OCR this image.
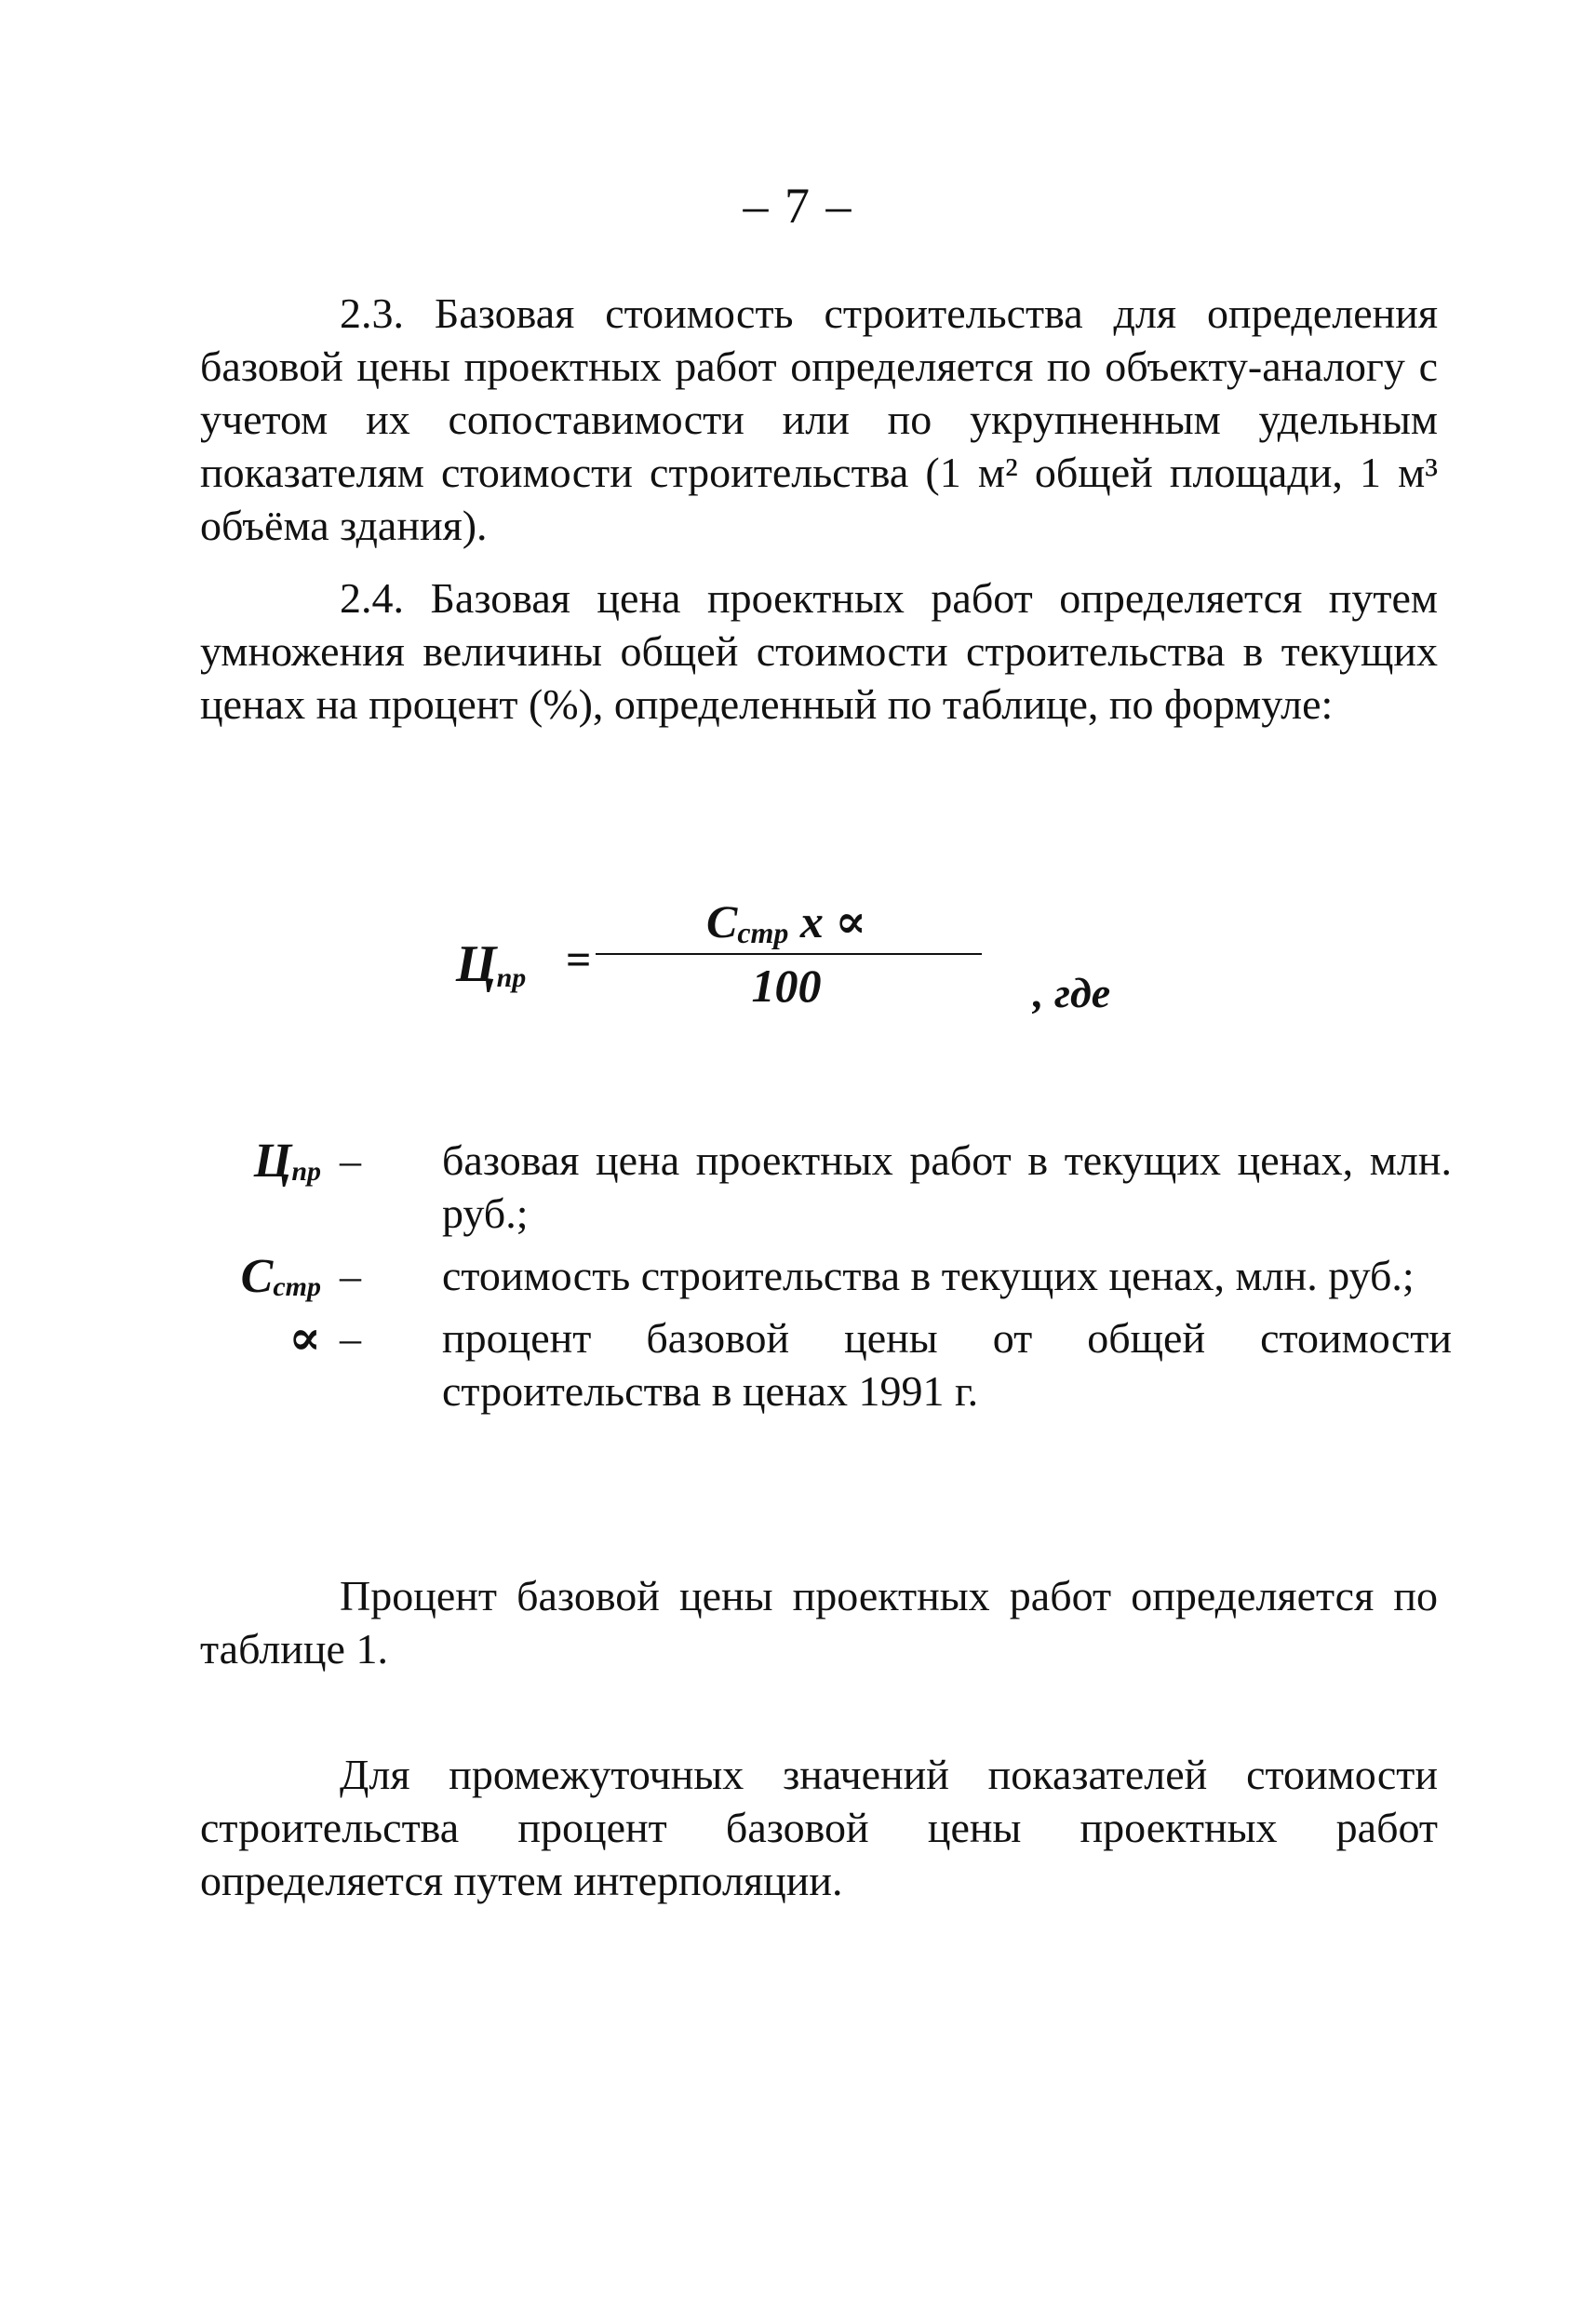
– 7 –

2.3. Базовая стоимость строительства для определения базовой цены проектных работ определяется по объекту-аналогу с учетом их сопоставимости или по укрупненным удельным показателям стоимости строительства (1 м² общей площади, 1 м³ объёма здания).

2.4. Базовая цена проектных работ определяется путем умножения величины общей стоимости строительства в текущих ценах на процент (%), определенный по таблице, по формуле:

$Ц_{пр}$ =
$С_{стр}$ х ∝
100	, где
$Ц_{пр}$ – базовая цена проектных работ в текущих ценах, млн. руб.;
$С_{стр}$ – стоимость строительства в текущих ценах, млн. руб.;
∝ – процент базовой цены от общей стоимости строительства в ценах 1991 г.

Процент базовой цены проектных работ определяется по таблице 1.

Для промежуточных значений показателей стоимости строительства процент базовой цены проектных работ определяется путем интерполяции.
